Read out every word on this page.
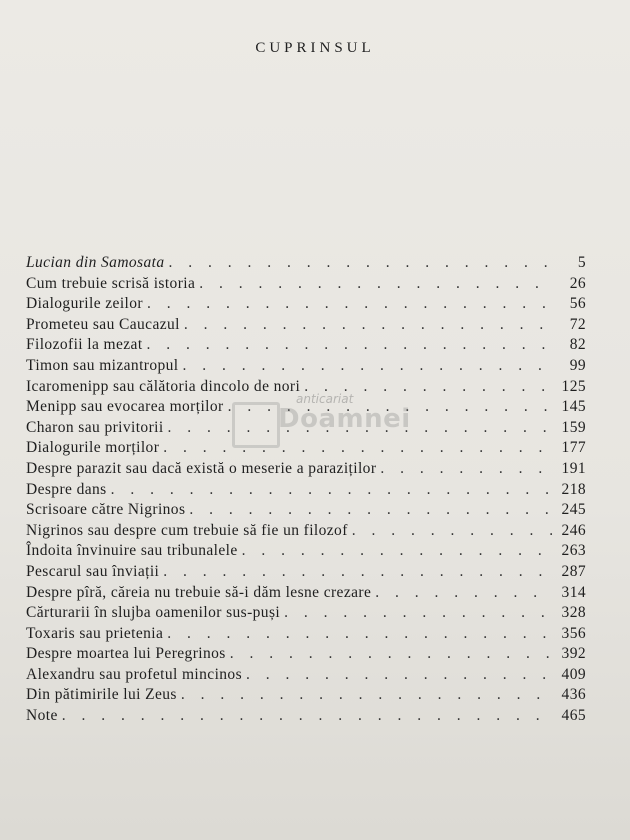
CUPRINSUL
Lucian din Samosata . . .	5
Cum trebuie scrisă istoria . . .	26
Dialogurile zeilor . . .	56
Prometeu sau Caucazul . . .	72
Filozofii la mezat . . .	82
Timon sau mizantropul . . .	99
Icaromenipp sau călătoria dincolo de nori . . .	125
Menipp sau evocarea morților . . .	145
Charon sau privitorii . . .	159
Dialogurile morților . . .	177
Despre parazit sau dacă există o meserie a paraziților . . .	191
Despre dans . . .	218
Scrisoare către Nigrinos . . .	245
Nigrinos sau despre cum trebuie să fie un filozof . . .	246
Îndoita învinuire sau tribunalele . . .	263
Pescarul sau înviații . . .	287
Despre pîră, căreia nu trebuie să-i dăm lesne crezare . . .	314
Cărturarii în slujba oamenilor sus-puși . . .	328
Toxaris sau prietenia . . .	356
Despre moartea lui Peregrinos . . .	392
Alexandru sau profetul mincinos . . .	409
Din pătimirile lui Zeus . . .	436
Note . . .	465
anticariat
Doamnei
